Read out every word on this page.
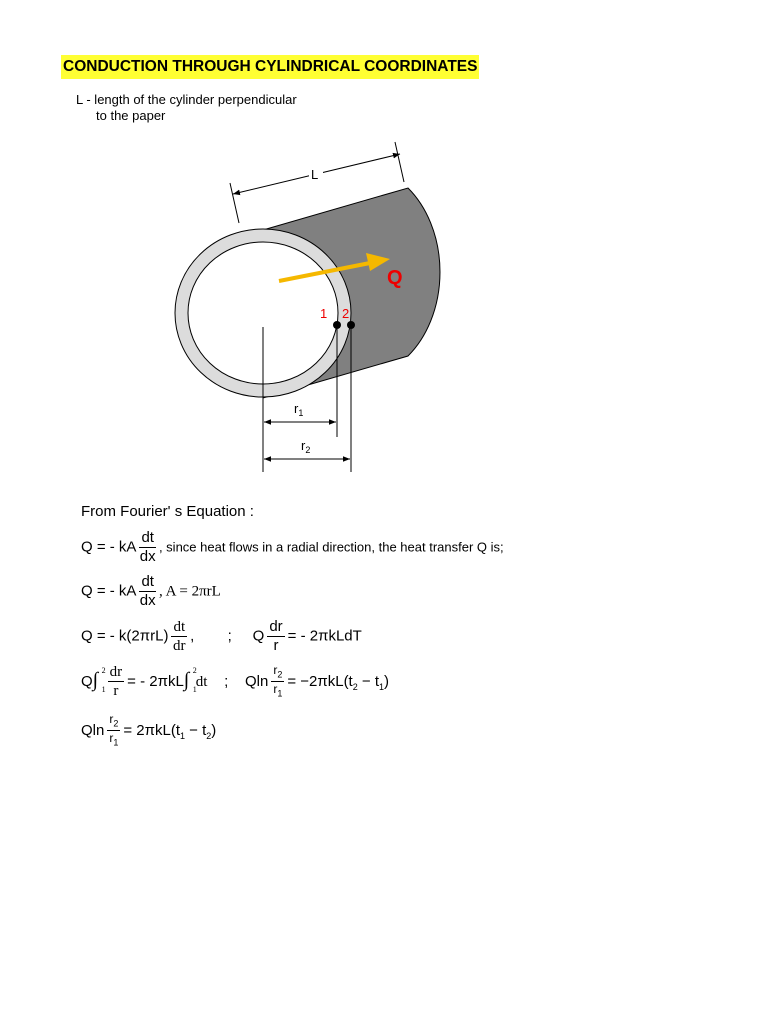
CONDUCTION THROUGH CYLINDRICAL COORDINATES
L - length of the cylinder perpendicular
to the paper
L
Q
1 2
$r_1$
$r_2$
From Fourier' s Equation :
Q = - kA $\frac{dt}{dx}$ , since heat flows in a radial direction, the heat transfer Q is;
Q = - kA $\frac{dt}{dx}$ , A = 2πrL
Q = - $k(2\pi rL) \frac{dt}{dr}$ ,        ;     Q $\frac{dr}{r}$ = - 2πkLdT
Q∫ 2
$1 \frac{dr}{r}$ = - 2πkL∫ 2
1 dt ; Qln $\frac{r_2}{r_1} = -2\pi kL(t_2 - t_1)$
Qln $\frac{r_2}{r_1} = 2\pi kL(t_1 - t_2)$
